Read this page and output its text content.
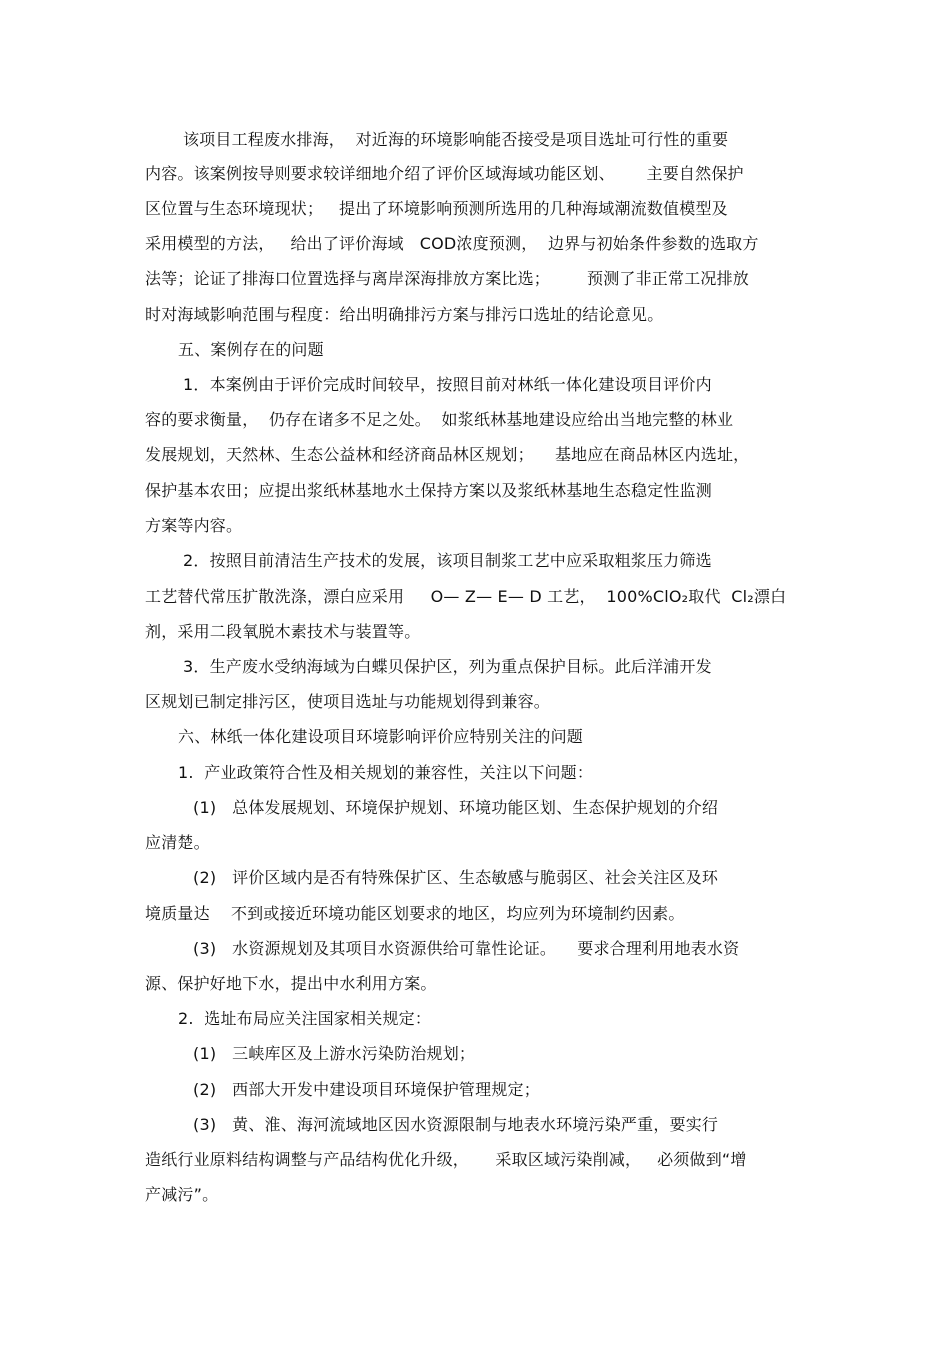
该项目工程废水排海，  对近海的环境影响能否接受是项目选址可行性的重要
内容。该案例按导则要求较详细地介绍了评价区域海域功能区划、      主要自然保护
区位置与生态环境现状；   提出了环境影响预测所选用的几种海域潮流数值模型及
采用模型的方法，   给出了评价海域   COD浓度预测，  边界与初始条件参数的选取方
法等；论证了排海口位置选择与离岸深海排放方案比选；       预测了非正常工况排放
时对海域影响范围与程度：给出明确排污方案与排污口选址的结论意见。
五、案例存在的问题
1．本案例由于评价完成时间较早，按照目前对林纸一体化建设项目评价内
容的要求衡量，  仍存在诸多不足之处。  如浆纸林基地建设应给出当地完整的林业
发展规划，天然林、生态公益林和经济商品林区规划；    基地应在商品林区内选址，
保护基本农田；应提出浆纸林基地水土保持方案以及浆纸林基地生态稳定性监测
方案等内容。
2．按照目前清洁生产技术的发展，该项目制浆工艺中应采取粗浆压力筛选
工艺替代常压扩散洗涤，漂白应采用     O— Z— E— D 工艺，  100%ClO₂取代  Cl₂漂白
剂，采用二段氧脱木素技术与装置等。
3．生产废水受纳海域为白蝶贝保护区，列为重点保护目标。此后洋浦开发
区规划已制定排污区，使项目选址与功能规划得到兼容。
六、林纸一体化建设项目环境影响评价应特别关注的问题
1.  产业政策符合性及相关规划的兼容性，关注以下问题：
(1)   总体发展规划、环境保护规划、环境功能区划、生态保护规划的介绍
应清楚。
(2)   评价区域内是否有特殊保扩区、生态敏感与脆弱区、社会关注区及环
境质量达    不到或接近环境功能区划要求的地区，均应列为环境制约因素。
(3)   水资源规划及其项目水资源供给可靠性论证。    要求合理利用地表水资
源、保护好地下水，提出中水利用方案。
2.  选址布局应关注国家相关规定：
(1)   三峡库区及上游水污染防治规划；
(2)   西部大开发中建设项目环境保护管理规定；
(3)   黄、淮、海河流域地区因水资源限制与地表水环境污染严重，要实行
造纸行业原料结构调整与产品结构优化升级，     采取区域污染削减，   必须做到“增
产减污”。
